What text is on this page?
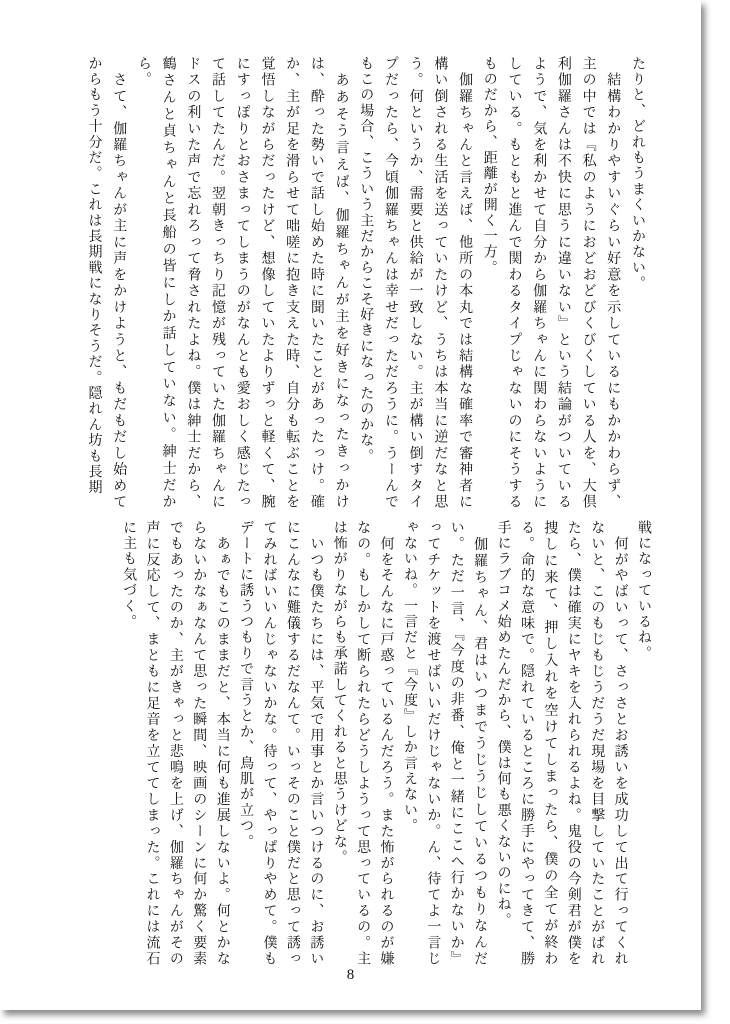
たりと、どれもうまくいかない。

　結構わかりやすいぐらい好意を示しているにもかかわらず、主の中では『私のようにおどおどびくびくしている人を、大倶利伽羅さんは不快に思うに違いない』という結論がついているようで、気を利かせて自分から伽羅ちゃんに関わらないようにしている。もともと進んで関わるタイプじゃないのにそうするものだから、距離が開く一方。

　伽羅ちゃんと言えば、他所の本丸では結構な確率で審神者に構い倒される生活を送っていたけど、うちは本当に逆だなと思う。何というか、需要と供給が一致しない。主が構い倒すタイプだったら、今頃伽羅ちゃんは幸せだっただろうに。うーんでもこの場合、こういう主だからこそ好きになったのかな。

　ああそう言えば、伽羅ちゃんが主を好きになったきっかけは、酔った勢いで話し始めた時に聞いたことがあったっけ。確か、主が足を滑らせて咄嗟に抱き支えた時、自分も転ぶことを覚悟しながらだったけど、想像していたよりずっと軽くて、腕にすっぽりとおさまってしまうのがなんとも愛おしく感じたって話してたんだ。翌朝きっちり記憶が残っていた伽羅ちゃんにドスの利いた声で忘れろって脅されたよね。僕は紳士だから、鶴さんと貞ちゃんと長船の皆にしか話していない。紳士だから。

　さて、伽羅ちゃんが主に声をかけようと、もだもだし始めてからもう十分だ。これは長期戦になりそうだ。隠れん坊も長期

戦になっているね。

　何がやばいって、さっさとお誘いを成功して出て行ってくれないと、このもじもじうだうだ現場を目撃していたことがばれたら、僕は確実にヤキを入れられるよね。鬼役の今剣君が僕を捜しに来て、押し入れを空けてしまったら、僕の全てが終わる。命的な意味で。隠れているところに勝手にやってきて、勝手にラブコメ始めたんだから、僕は何も悪くないのにね。

　伽羅ちゃん、君はいつまでうじうじしているつもりなんだい。ただ一言、『今度の非番、俺と一緒にここへ行かないか』ってチケットを渡せばいいだけじゃないか。ん、待てよ一言じゃないね。一言だと『今度』しか言えない。

　何をそんなに戸惑っているんだろう。また怖がられるのが嫌なの。もしかして断られたらどうしようって思っているの。主は怖がりながらも承諾してくれると思うけどな。

　いつも僕たちには、平気で用事とか言いつけるのに、お誘いにこんなに難儀するだなんて。いっそのこと僕だと思って誘ってみればいいんじゃないかな。待って、やっぱりやめて。僕もデートに誘うつもりで言うとか、鳥肌が立つ。

　あぁでもこのままだと、本当に何も進展しないよ。何とかならないかなぁなんて思った瞬間、映画のシーンに何か驚く要素でもあったのか、主がきゃっと悲鳴を上げ、伽羅ちゃんがその声に反応して、まともに足音を立ててしまった。これには流石に主も気づく。

8
